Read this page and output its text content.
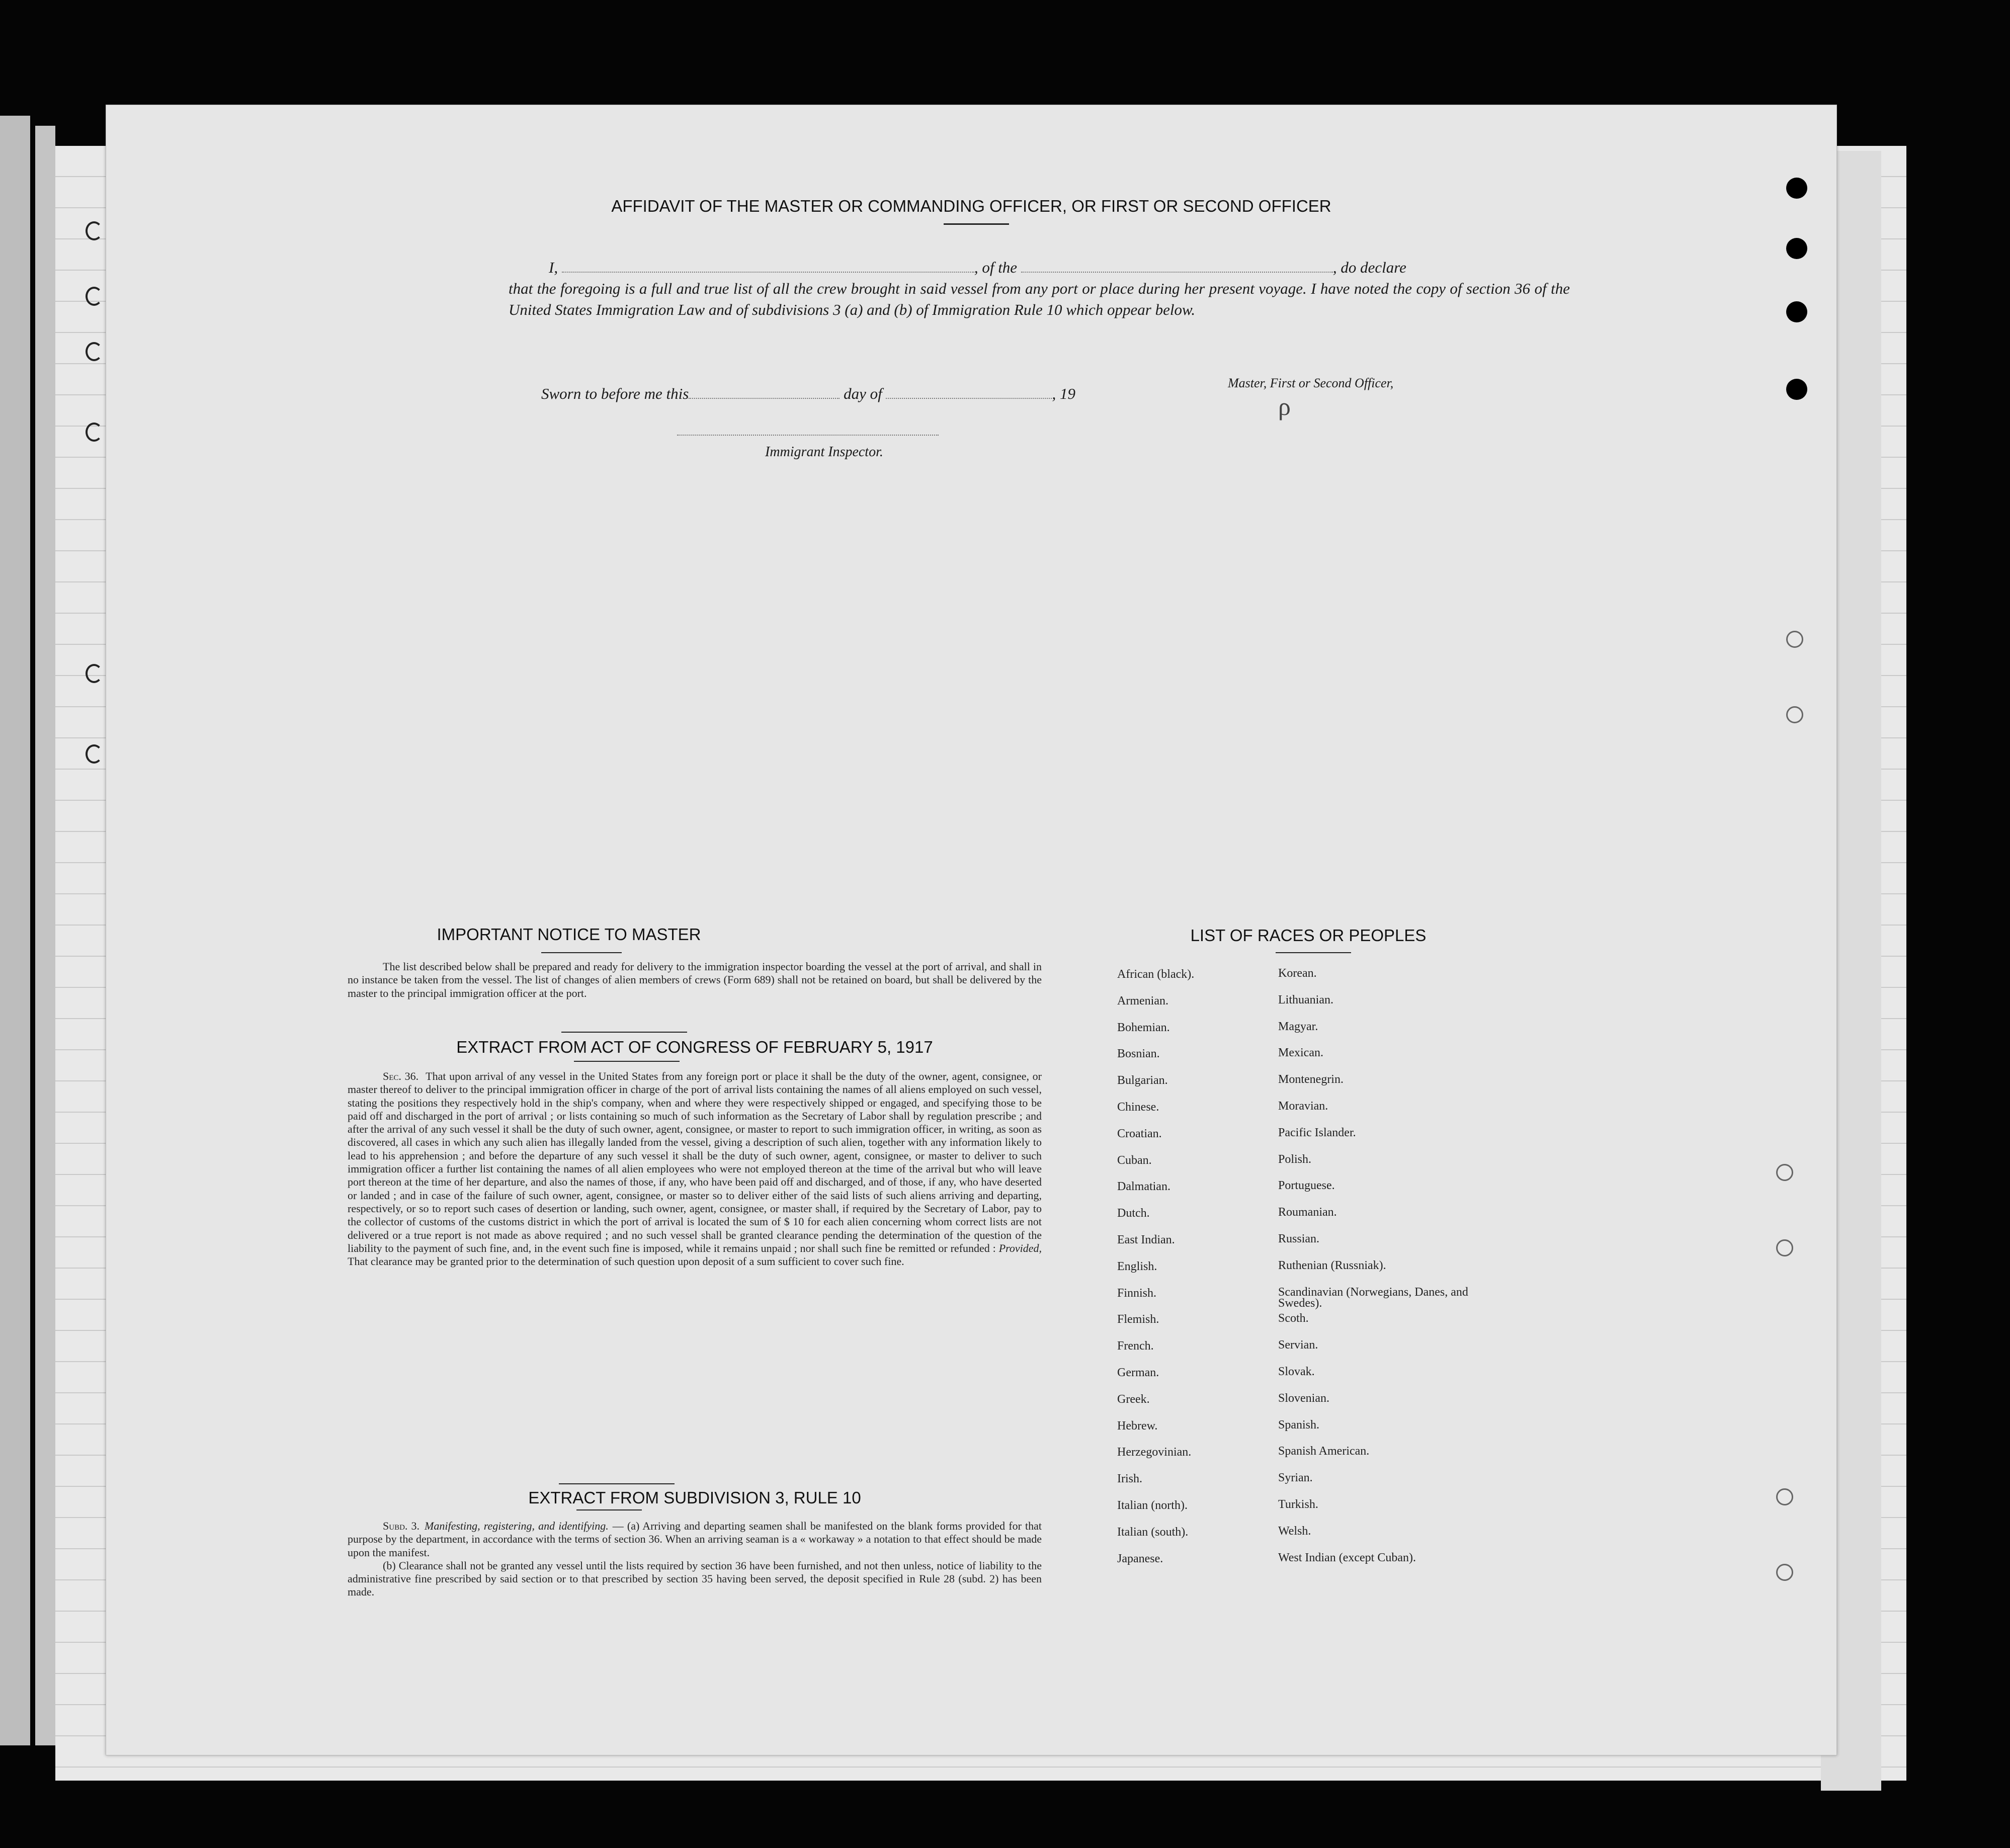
AFFIDAVIT OF THE MASTER OR COMMANDING OFFICER, OR FIRST OR SECOND OFFICER
I,	, of the	, do declare
that the foregoing is a full and true list of all the crew brought in said vessel from any port or place during her present voyage. I have noted the copy of section 36 of the United States Immigration Law and of subdivisions 3 (a) and (b) of Immigration Rule 10 which oppear below.
Master, First or Second Officer,
ρ
Sworn to before me this	day of	, 19
Immigrant Inspector.
IMPORTANT NOTICE TO MASTER
The list described below shall be prepared and ready for delivery to the immigration inspector boarding the vessel at the port of arrival, and shall in no instance be taken from the vessel. The list of changes of alien members of crews (Form 689) shall not be retained on board, but shall be delivered by the master to the principal immigration officer at the port.
EXTRACT FROM ACT OF CONGRESS OF FEBRUARY 5, 1917
Sec. 36. That upon arrival of any vessel in the United States from any foreign port or place it shall be the duty of the owner, agent, consignee, or master thereof to deliver to the principal immigration officer in charge of the port of arrival lists containing the names of all aliens employed on such vessel, stating the positions they respectively hold in the ship's company, when and where they were respectively shipped or engaged, and specifying those to be paid off and discharged in the port of arrival ; or lists containing so much of such information as the Secretary of Labor shall by regulation prescribe ; and after the arrival of any such vessel it shall be the duty of such owner, agent, consignee, or master to report to such immigration officer, in writing, as soon as discovered, all cases in which any such alien has illegally landed from the vessel, giving a description of such alien, together with any information likely to lead to his apprehension ; and before the departure of any such vessel it shall be the duty of such owner, agent, consignee, or master to deliver to such immigration officer a further list containing the names of all alien employees who were not employed thereon at the time of the arrival but who will leave port thereon at the time of her departure, and also the names of those, if any, who have been paid off and discharged, and of those, if any, who have deserted or landed ; and in case of the failure of such owner, agent, consignee, or master so to deliver either of the said lists of such aliens arriving and departing, respectively, or so to report such cases of desertion or landing, such owner, agent, consignee, or master shall, if required by the Secretary of Labor, pay to the collector of customs of the customs district in which the port of arrival is located the sum of $ 10 for each alien concerning whom correct lists are not delivered or a true report is not made as above required ; and no such vessel shall be granted clearance pending the determination of the question of the liability to the payment of such fine, and, in the event such fine is imposed, while it remains unpaid ; nor shall such fine be remitted or refunded : Provided, That clearance may be granted prior to the determination of such question upon deposit of a sum sufficient to cover such fine.
EXTRACT FROM SUBDIVISION 3, RULE 10
Subd. 3. Manifesting, registering, and identifying. — (a) Arriving and departing seamen shall be manifested on the blank forms provided for that purpose by the department, in accordance with the terms of section 36. When an arriving seaman is a « workaway » a notation to that effect should be made upon the manifest.
(b) Clearance shall not be granted any vessel until the lists required by section 36 have been furnished, and not then unless, notice of liability to the administrative fine prescribed by said section or to that prescribed by section 35 having been served, the deposit specified in Rule 28 (subd. 2) has been made.
LIST OF RACES OR PEOPLES
African (black).	Korean.
Armenian.	Lithuanian.
Bohemian.	Magyar.
Bosnian.	Mexican.
Bulgarian.	Montenegrin.
Chinese.	Moravian.
Croatian.	Pacific Islander.
Cuban.	Polish.
Dalmatian.	Portuguese.
Dutch.	Roumanian.
East Indian.	Russian.
English.	Ruthenian (Russniak).
Finnish.	Scandinavian (Norwegians, Danes, and Swedes).
Flemish.	Scoth.
French.	Servian.
German.	Slovak.
Greek.	Slovenian.
Hebrew.	Spanish.
Herzegovinian.	Spanish American.
Irish.	Syrian.
Italian (north).	Turkish.
Italian (south).	Welsh.
Japanese.	West Indian (except Cuban).
